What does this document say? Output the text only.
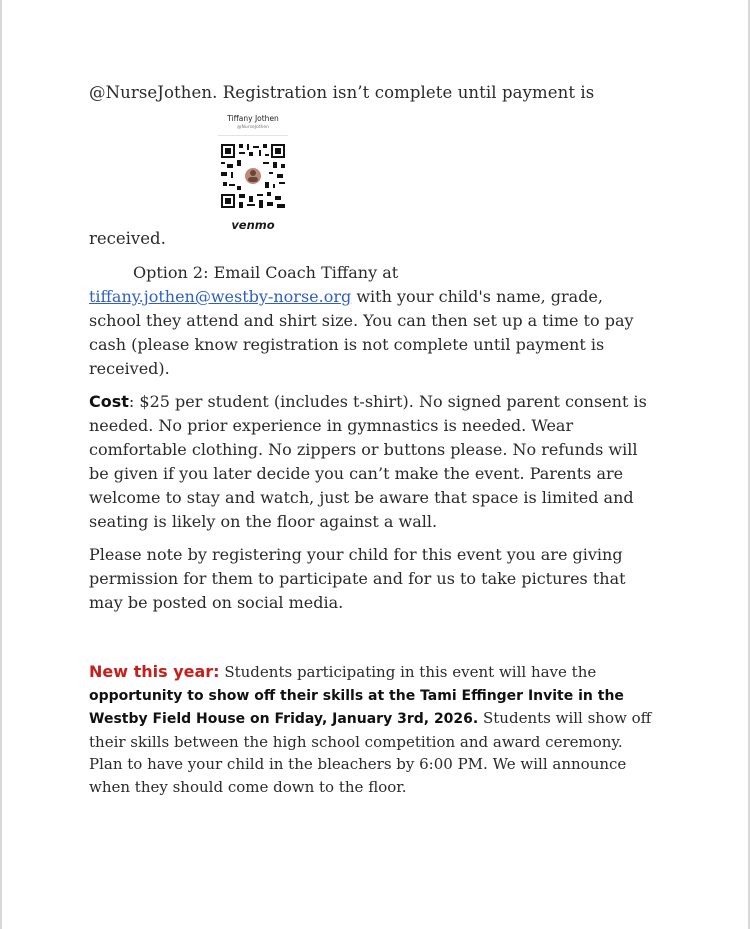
@NurseJothen. Registration isn’t complete until payment is
Tiffany Jothen
@NurseJothen
venmo
received.
Option 2: Email Coach Tiffany at
tiffany.jothen@westby-norse.org with your child's name, grade, school they attend and shirt size. You can then set up a time to pay cash (please know registration is not complete until payment is received).
Cost: $25 per student (includes t-shirt). No signed parent consent is needed. No prior experience in gymnastics is needed. Wear comfortable clothing. No zippers or buttons please. No refunds will be given if you later decide you can’t make the event. Parents are welcome to stay and watch, just be aware that space is limited and seating is likely on the floor against a wall.
Please note by registering your child for this event you are giving permission for them to participate and for us to take pictures that may be posted on social media.
New this year: Students participating in this event will have the opportunity to show off their skills at the Tami Effinger Invite in the Westby Field House on Friday, January 3rd, 2026. Students will show off their skills between the high school competition and award ceremony. Plan to have your child in the bleachers by 6:00 PM. We will announce when they should come down to the floor.
